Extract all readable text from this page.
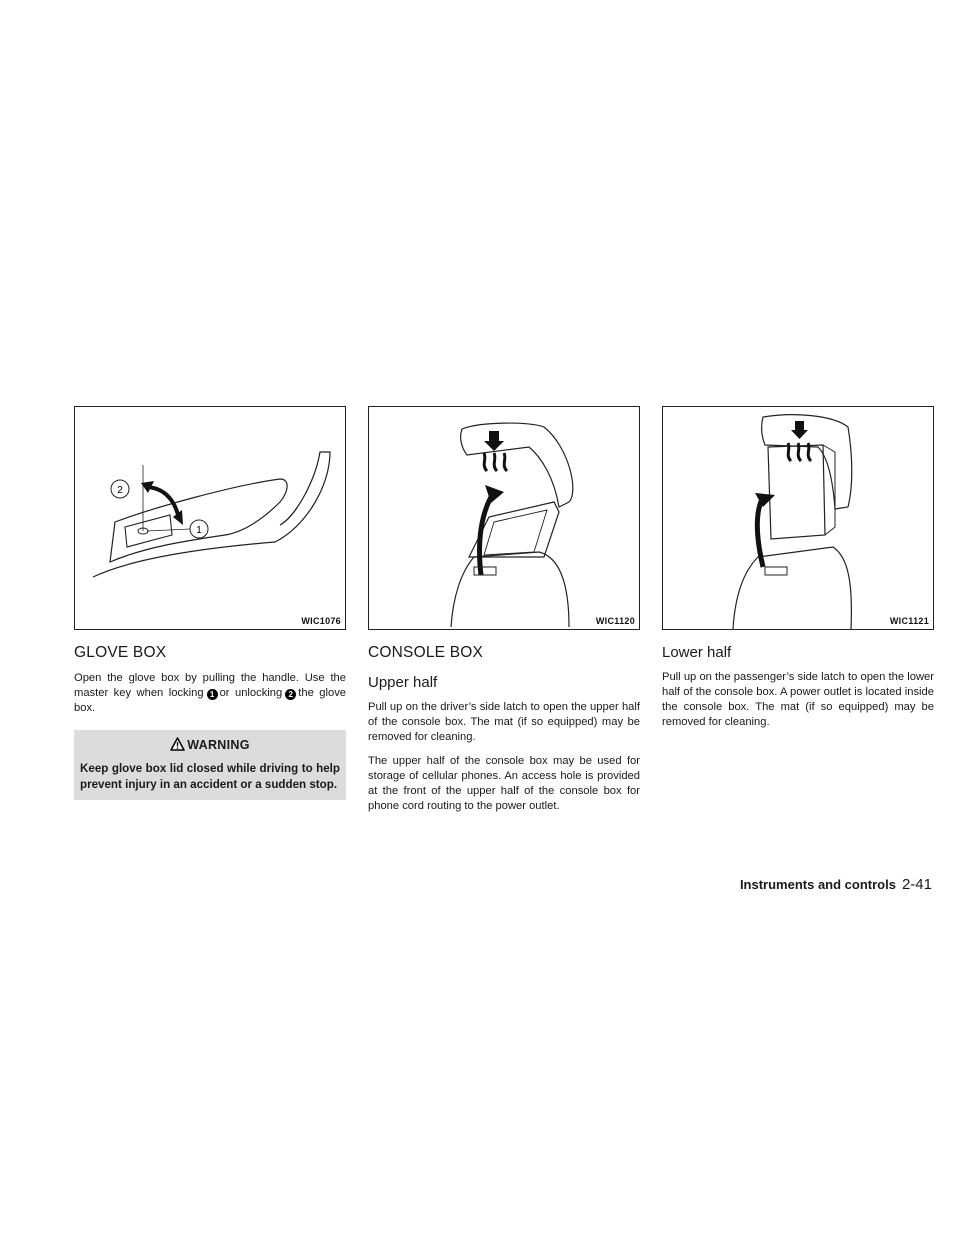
2
1
WIC1076
GLOVE BOX

Open the glove box by pulling the handle. Use the master key when locking 1 or unlocking 2 the glove box.

WARNING
Keep glove box lid closed while driving to help prevent injury in an accident or a sudden stop.
WIC1120
CONSOLE BOX
Upper half

Pull up on the driver’s side latch to open the upper half of the console box. The mat (if so equipped) may be removed for cleaning.

The upper half of the console box may be used for storage of cellular phones. An access hole is provided at the front of the upper half of the console box for phone cord routing to the power outlet.

WIC1121
Lower half

Pull up on the passenger’s side latch to open the lower half of the console box. A power outlet is located inside the console box. The mat (if so equipped) may be removed for cleaning.

Instruments and controls 2-41
